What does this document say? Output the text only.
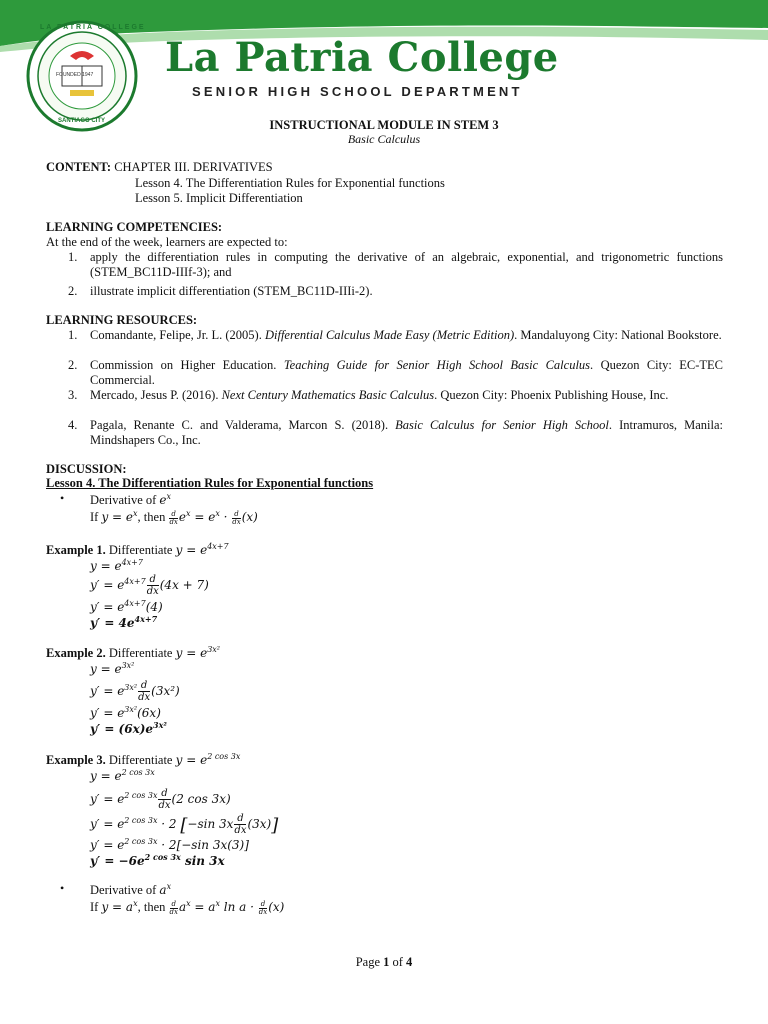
LA PATRIA COLLEGE
FOUNDED 1947
SANTIAGO CITY
La Patria College
SENIOR HIGH SCHOOL DEPARTMENT
INSTRUCTIONAL MODULE IN STEM 3
Basic Calculus
CONTENT: CHAPTER III. DERIVATIVES
Lesson 4. The Differentiation Rules for Exponential functions
Lesson 5. Implicit Differentiation
LEARNING COMPETENCIES:
At the end of the week, learners are expected to:
1. apply the differentiation rules in computing the derivative of an algebraic, exponential, and trigonometric functions (STEM_BC11D-IIIf-3); and
2. illustrate implicit differentiation (STEM_BC11D-IIIi-2).
LEARNING RESOURCES:
1. Comandante, Felipe, Jr. L. (2005). Differential Calculus Made Easy (Metric Edition). Mandaluyong City: National Bookstore.
2. Commission on Higher Education. Teaching Guide for Senior High School Basic Calculus. Quezon City: EC-TEC Commercial.
3. Mercado, Jesus P. (2016). Next Century Mathematics Basic Calculus. Quezon City: Phoenix Publishing House, Inc.
4. Pagala, Renante C. and Valderama, Marcon S. (2018). Basic Calculus for Senior High School. Intramuros, Manila: Mindshapers Co., Inc.
DISCUSSION:
Lesson 4. The Differentiation Rules for Exponential functions
• Derivative of $e^x$
If $y = e^x$, then $\frac{d}{dx} e^x = e^x \cdot \frac{d}{dx} (x)$
Example 1. Differentiate $y = e^{4x+7}$
$y = e^{4x+7}$
$y' = e^{4x+7} \frac{d}{dx} (4x + 7)$
$y' = e^{4x+7}(4)$
$y' = 4e^{4x+7}$
Example 2. Differentiate $y = e^{3x^2}$
$y = e^{3x^2}$
$y' = e^{3x^2} \frac{d}{dx} (3x^2)$
$y' = e^{3x^2}(6x)$
$y' = (6x)e^{3x^2}$
Example 3. Differentiate $y = e^{2 cos 3x}$
$y = e^{2 cos 3x}$
$y' = e^{2 cos 3x} \frac{d}{dx} (2$ cos 3x)
$y' = e^{2 cos 3x} \cdot 2$ [−sin $3x \frac{d}{dx} (3x)$]
$y' = e^{2 cos 3x} \cdot 2[-\sin$ 3x(3)]
$y' = -6e^{2 cos 3x}$ sin 3x
• Derivative of $a^x$
If $y = a^x$, then $\frac{d}{dx} a^x = a^x$ $\ln a \cdot \frac{d}{dx} (x)$
Page 1 of 4
